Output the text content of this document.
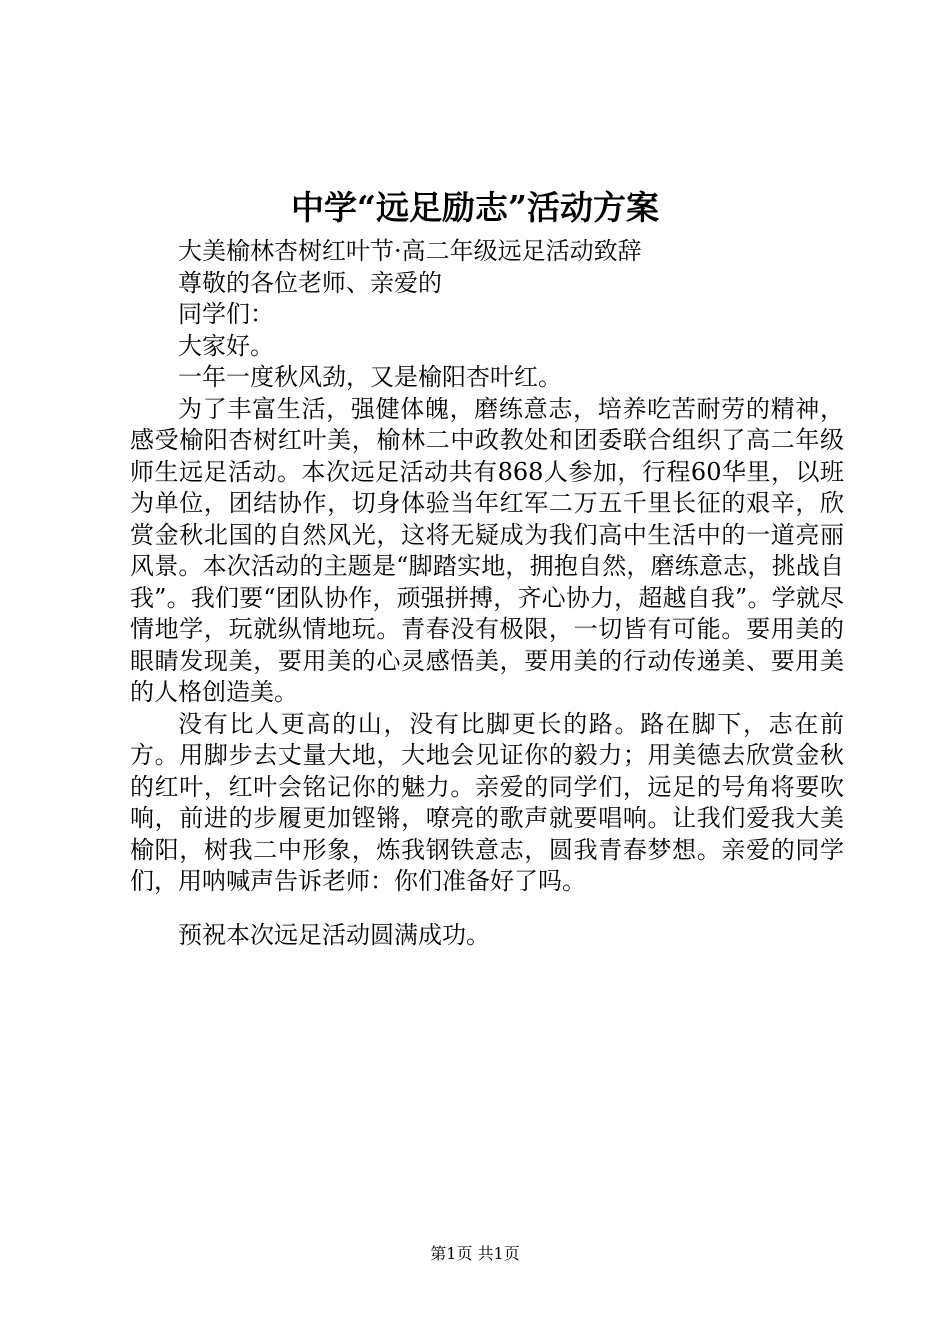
中学“远足励志”活动方案

大美榆林杏树红叶节·高二年级远足活动致辞

尊敬的各位老师、亲爱的

同学们：

大家好。

一年一度秋风劲，又是榆阳杏叶红。

为了丰富生活，强健体魄，磨练意志，培养吃苦耐劳的精神，感受榆阳杏树红叶美，榆林二中政教处和团委联合组织了高二年级师生远足活动。本次远足活动共有868人参加，行程60华里，以班为单位，团结协作，切身体验当年红军二万五千里长征的艰辛，欣赏金秋北国的自然风光，这将无疑成为我们高中生活中的一道亮丽风景。本次活动的主题是“脚踏实地，拥抱自然，磨练意志，挑战自我”。我们要“团队协作，顽强拼搏，齐心协力，超越自我”。学就尽情地学，玩就纵情地玩。青春没有极限，一切皆有可能。要用美的眼睛发现美，要用美的心灵感悟美，要用美的行动传递美、要用美的人格创造美。

没有比人更高的山，没有比脚更长的路。路在脚下，志在前方。用脚步去丈量大地，大地会见证你的毅力；用美德去欣赏金秋的红叶，红叶会铭记你的魅力。亲爱的同学们，远足的号角将要吹响，前进的步履更加铿锵，嘹亮的歌声就要唱响。让我们爱我大美榆阳，树我二中形象，炼我钢铁意志，圆我青春梦想。亲爱的同学们，用呐喊声告诉老师：你们准备好了吗。

预祝本次远足活动圆满成功。

第1页 共1页
